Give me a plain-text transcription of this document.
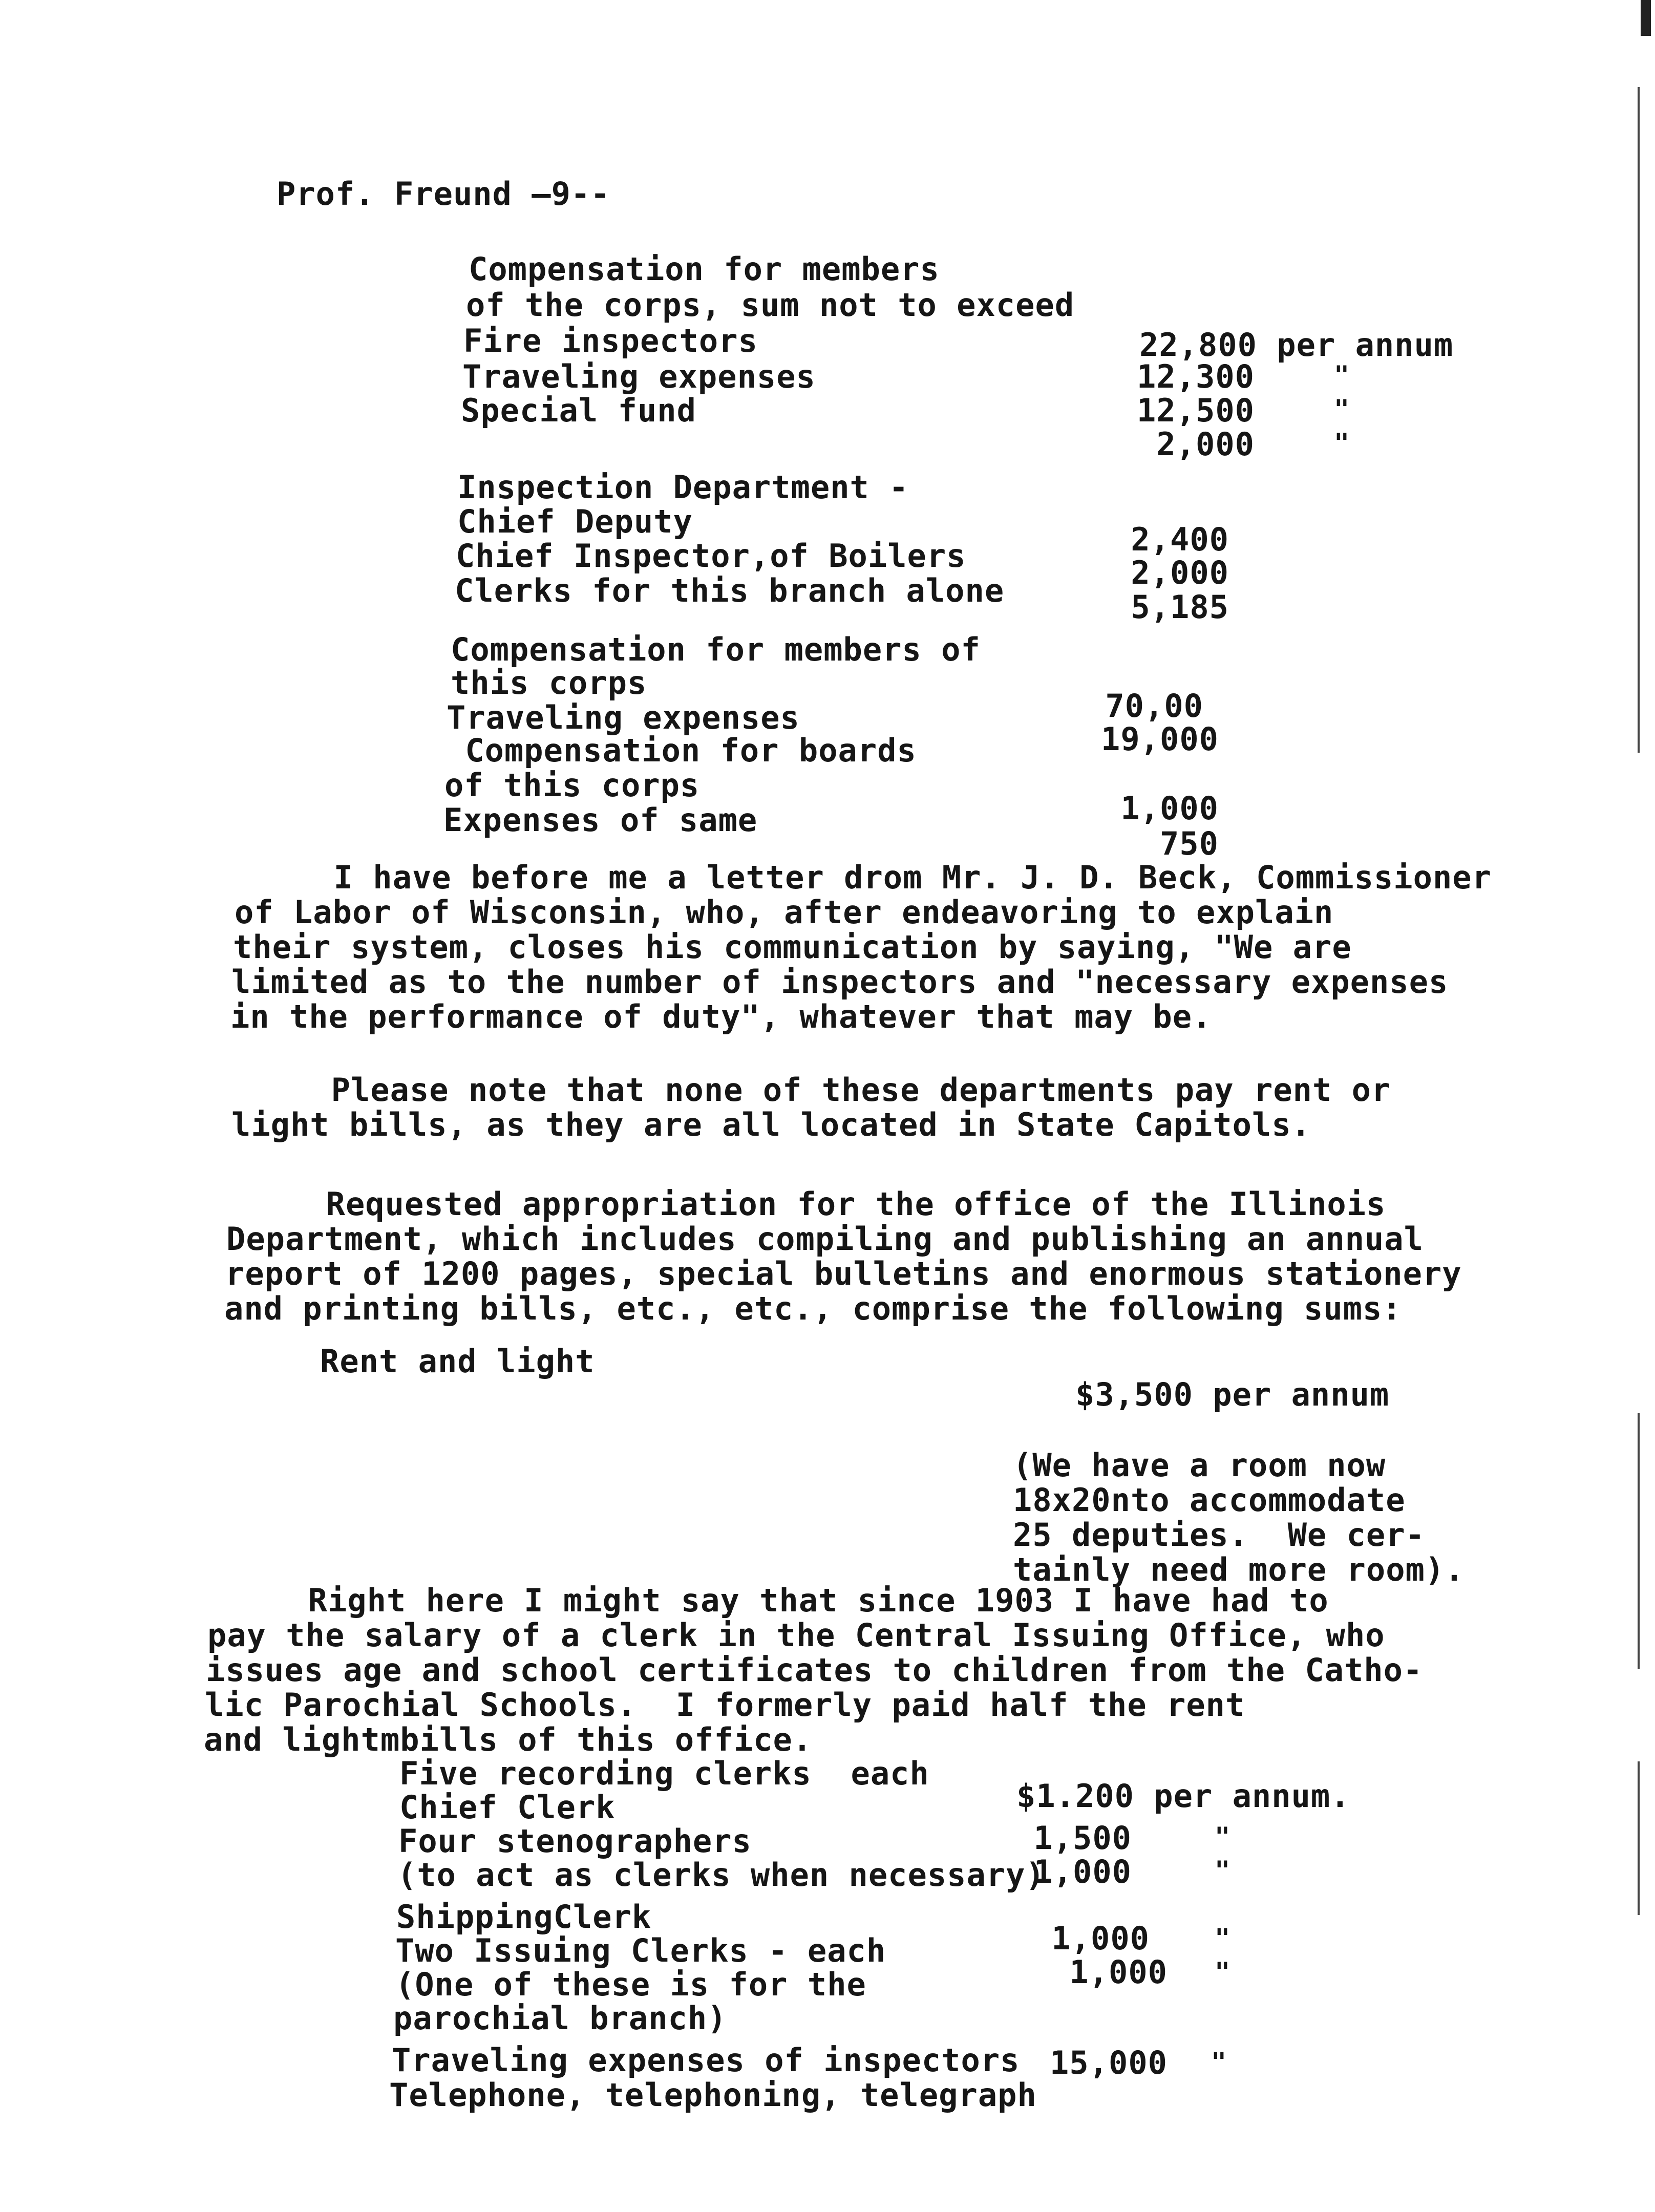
Prof. Freund —9--
Compensation for members
of the corps, sum not to exceed
Fire inspectors
Traveling expenses
Special fund
22,800 per annum
12,300
12,500
2,000
"
"
"
Inspection Department -
Chief Deputy
Chief Inspector,of Boilers
Clerks for this branch alone
2,400
2,000
5,185
Compensation for members of
this corps
Traveling expenses
Compensation for boards
of this corps
Expenses of same
70,00
19,000
1,000
750
I have before me a letter drom Mr. J. D. Beck, Commissioner
of Labor of Wisconsin, who, after endeavoring to explain
their system, closes his communication by saying, "We are
limited as to the number of inspectors and "necessary expenses
in the performance of duty", whatever that may be.
Please note that none of these departments pay rent or
light bills, as they are all located in State Capitols.
Requested appropriation for the office of the Illinois
Department, which includes compiling and publishing an annual
report of 1200 pages, special bulletins and enormous stationery
and printing bills, etc., etc., comprise the following sums:
Rent and light
$3,500 per annum
(We have a room now
18x20nto accommodate
25 deputies.  We cer-
tainly need more room).
Right here I might say that since 1903 I have had to
pay the salary of a clerk in the Central Issuing Office, who
issues age and school certificates to children from the Catho-
lic Parochial Schools.  I formerly paid half the rent
and lightmbills of this office.
Five recording clerks  each
Chief Clerk
Four stenographers
(to act as clerks when necessary)
ShippingClerk
Two Issuing Clerks - each
(One of these is for the
parochial branch)
Traveling expenses of inspectors
Telephone, telephoning, telegraph
$1.200 per annum.
1,500
1,000
1,000
1,000
15,000
"
"
"
"
"
